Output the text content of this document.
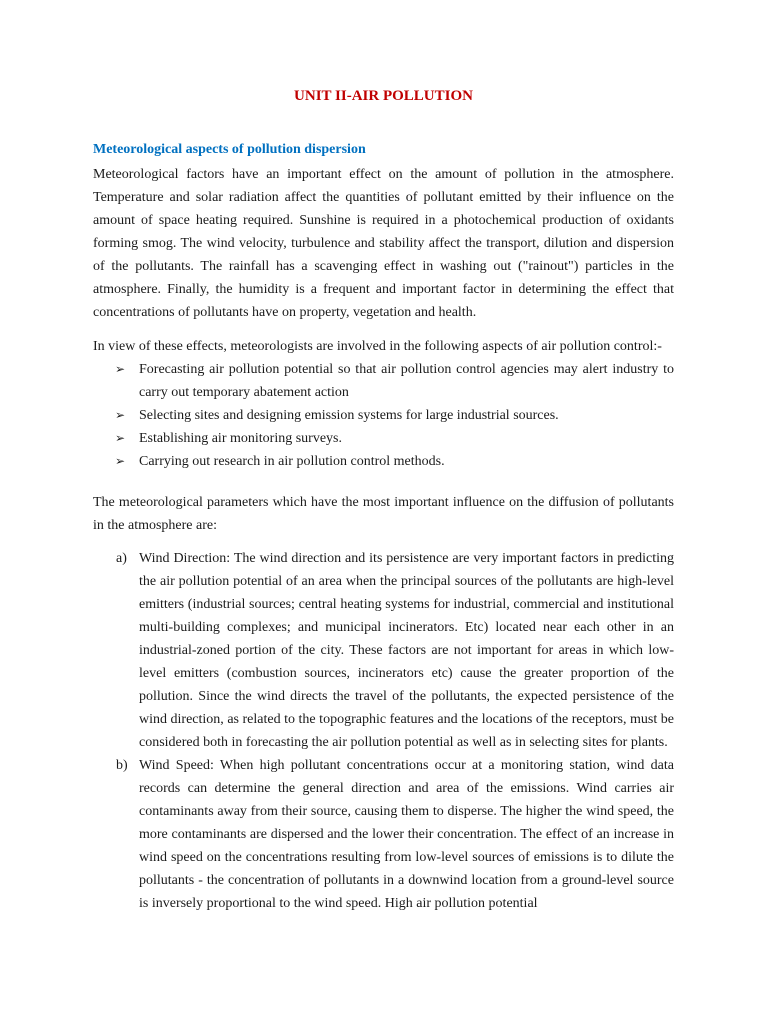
UNIT II-AIR POLLUTION
Meteorological aspects of pollution dispersion

Meteorological factors have an important effect on the amount of pollution in the atmosphere. Temperature and solar radiation affect the quantities of pollutant emitted by their influence on the amount of space heating required. Sunshine is required in a photochemical production of oxidants forming smog. The wind velocity, turbulence and stability affect the transport, dilution and dispersion of the pollutants. The rainfall has a scavenging effect in washing out ("rainout") particles in the atmosphere. Finally, the humidity is a frequent and important factor in determining the effect that concentrations of pollutants have on property, vegetation and health.

In view of these effects, meteorologists are involved in the following aspects of air pollution control:-

➢ Forecasting air pollution potential so that air pollution control agencies may alert industry to carry out temporary abatement action
➢ Selecting sites and designing emission systems for large industrial sources.
➢ Establishing air monitoring surveys.
➢ Carrying out research in air pollution control methods.

The meteorological parameters which have the most important influence on the diffusion of pollutants in the atmosphere are:

a) Wind Direction: The wind direction and its persistence are very important factors in predicting the air pollution potential of an area when the principal sources of the pollutants are high-level emitters (industrial sources; central heating systems for industrial, commercial and institutional multi-building complexes; and municipal incinerators. Etc) located near each other in an industrial-zoned portion of the city. These factors are not important for areas in which low-level emitters (combustion sources, incinerators etc) cause the greater proportion of the pollution. Since the wind directs the travel of the pollutants, the expected persistence of the wind direction, as related to the topographic features and the locations of the receptors, must be considered both in forecasting the air pollution potential as well as in selecting sites for plants.
b) Wind Speed: When high pollutant concentrations occur at a monitoring station, wind data records can determine the general direction and area of the emissions. Wind carries air contaminants away from their source, causing them to disperse. The higher the wind speed, the more contaminants are dispersed and the lower their concentration. The effect of an increase in wind speed on the concentrations resulting from low-level sources of emissions is to dilute the pollutants - the concentration of pollutants in a downwind location from a ground-level source is inversely proportional to the wind speed. High air pollution potential
